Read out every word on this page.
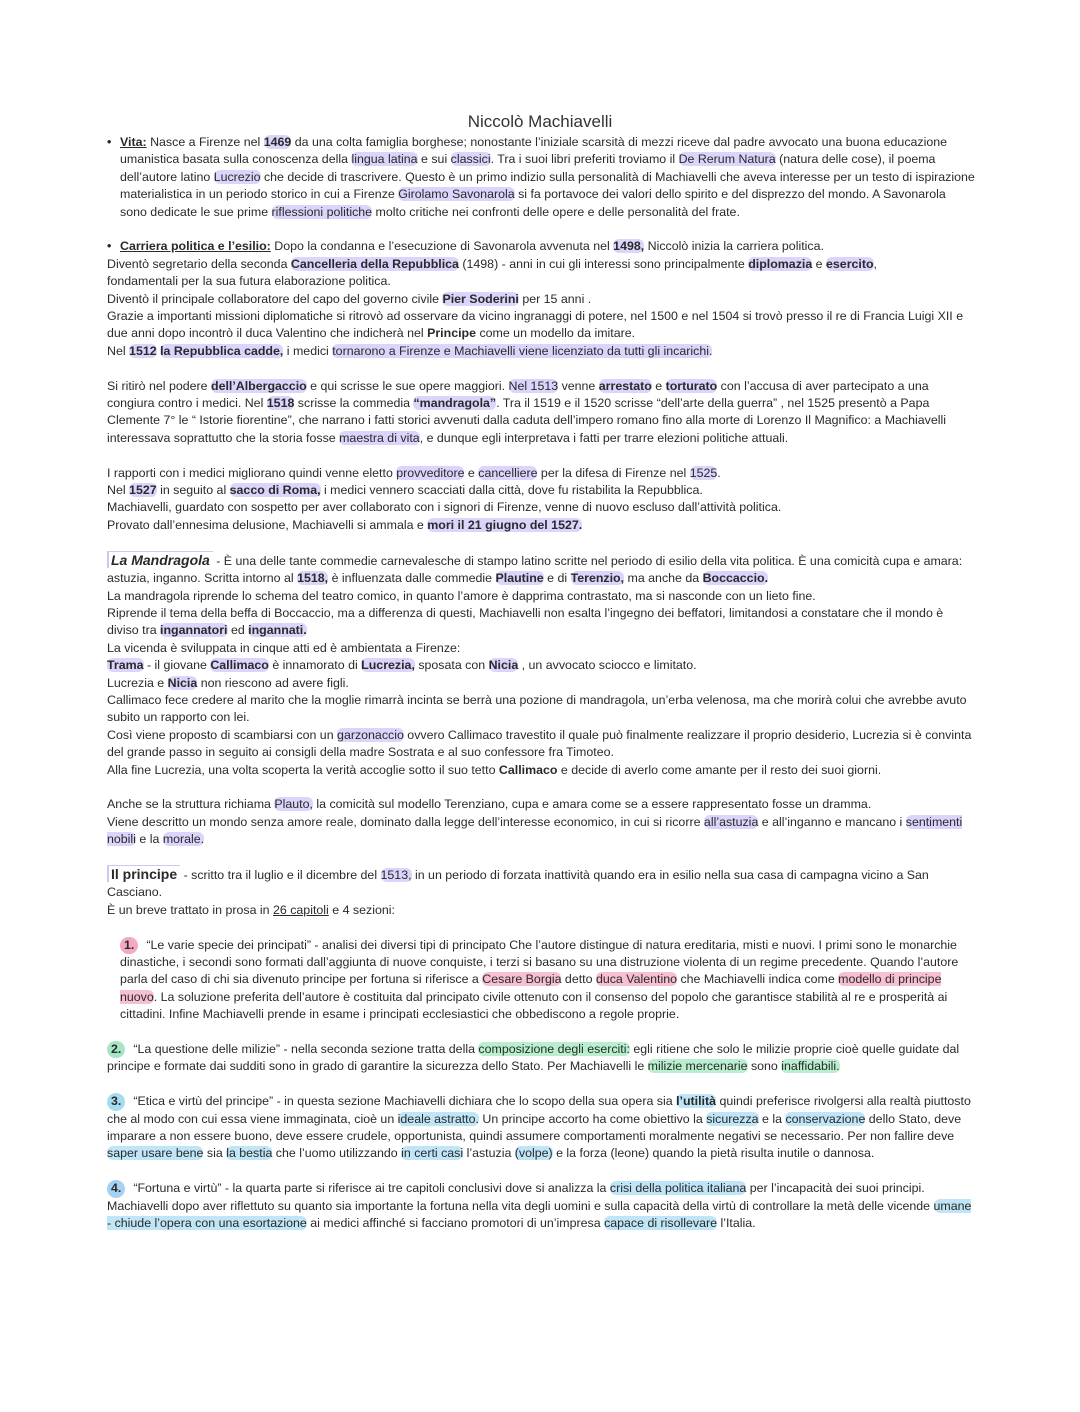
Niccolò Machiavelli

• Vita: Nasce a Firenze nel 1469 da una colta famiglia borghese; nonostante l’iniziale scarsità di mezzi riceve dal padre avvocato una buona educazione umanistica basata sulla conoscenza della lingua latina e sui classici. Tra i suoi libri preferiti troviamo il De Rerum Natura (natura delle cose), il poema dell’autore latino Lucrezio che decide di trascrivere. Questo è un primo indizio sulla personalità di Machiavelli che aveva interesse per un testo di ispirazione materialistica in un periodo storico in cui a Firenze Girolamo Savonarola si fa portavoce dei valori dello spirito e del disprezzo del mondo. A Savonarola sono dedicate le sue prime riflessioni politiche molto critiche nei confronti delle opere e delle personalità del frate.

• Carriera politica e l’esilio: Dopo la condanna e l’esecuzione di Savonarola avvenuta nel 1498, Niccolò inizia la carriera politica.

Diventò segretario della seconda Cancelleria della Repubblica (1498) - anni in cui gli interessi sono principalmente diplomazia e esercito,

fondamentali per la sua futura elaborazione politica.

Diventò il principale collaboratore del capo del governo civile Pier Soderini per 15 anni .

Grazie a importanti missioni diplomatiche si ritrovò ad osservare da vicino ingranaggi di potere, nel 1500 e nel 1504 si trovò presso il re di Francia Luigi XII e due anni dopo incontrò il duca Valentino che indicherà nel Principe come un modello da imitare.

Nel 1512 la Repubblica cadde, i medici tornarono a Firenze e Machiavelli viene licenziato da tutti gli incarichi.

Si ritirò nel podere dell’Albergaccio e qui scrisse le sue opere maggiori. Nel 1513 venne arrestato e torturato con l’accusa di aver partecipato a una congiura contro i medici. Nel 1518 scrisse la commedia “mandragola”. Tra il 1519 e il 1520 scrisse “dell’arte della guerra” , nel 1525 presentò a Papa Clemente 7° le “ Istorie fiorentine”, che narrano i fatti storici avvenuti dalla caduta dell’impero romano fino alla morte di Lorenzo Il Magnifico: a Machiavelli interessava soprattutto che la storia fosse maestra di vita, e dunque egli interpretava i fatti per trarre elezioni politiche attuali.

I rapporti con i medici migliorano quindi venne eletto provveditore e cancelliere per la difesa di Firenze nel 1525.

Nel 1527 in seguito al sacco di Roma, i medici vennero scacciati dalla città, dove fu ristabilita la Repubblica.

Machiavelli, guardato con sospetto per aver collaborato con i signori di Firenze, venne di nuovo escluso dall’attività politica.

Provato dall’ennesima delusione, Machiavelli si ammala e mori il 21 giugno del 1527.

La Mandragola - È una delle tante commedie carnevalesche di stampo latino scritte nel periodo di esilio della vita politica. È una comicità cupa e amara: astuzia, inganno. Scritta intorno al 1518, è influenzata dalle commedie Plautine e di Terenzio, ma anche da Boccaccio.

La mandragola riprende lo schema del teatro comico, in quanto l’amore è dapprima contrastato, ma si nasconde con un lieto fine.

Riprende il tema della beffa di Boccaccio, ma a differenza di questi, Machiavelli non esalta l’ingegno dei beffatori, limitandosi a constatare che il mondo è diviso tra ingannatori ed ingannati.

La vicenda è sviluppata in cinque atti ed è ambientata a Firenze:

Trama - il giovane Callimaco è innamorato di Lucrezia, sposata con Nicia , un avvocato sciocco e limitato.

Lucrezia e Nicia non riescono ad avere figli.

Callimaco fece credere al marito che la moglie rimarrà incinta se berrà una pozione di mandragola, un’erba velenosa, ma che morirà colui che avrebbe avuto subito un rapporto con lei.

Così viene proposto di scambiarsi con un garzonaccio ovvero Callimaco travestito il quale può finalmente realizzare il proprio desiderio, Lucrezia si è convinta del grande passo in seguito ai consigli della madre Sostrata e al suo confessore fra Timoteo.

Alla fine Lucrezia, una volta scoperta la verità accoglie sotto il suo tetto Callimaco e decide di averlo come amante per il resto dei suoi giorni.

Anche se la struttura richiama Plauto, la comicità sul modello Terenziano, cupa e amara come se a essere rappresentato fosse un dramma.

Viene descritto un mondo senza amore reale, dominato dalla legge dell’interesse economico, in cui si ricorre all’astuzia e all’inganno e mancano i sentimenti nobili e la morale.

Il principe - scritto tra il luglio e il dicembre del 1513, in un periodo di forzata inattività quando era in esilio nella sua casa di campagna vicino a San Casciano.

È un breve trattato in prosa in 26 capitoli e 4 sezioni:

1. “Le varie specie dei principati” - analisi dei diversi tipi di principato Che l’autore distingue di natura ereditaria, misti e nuovi. I primi sono le monarchie dinastiche, i secondi sono formati dall’aggiunta di nuove conquiste, i terzi si basano su una distruzione violenta di un regime precedente. Quando l’autore parla del caso di chi sia divenuto principe per fortuna si riferisce a Cesare Borgia detto duca Valentino che Machiavelli indica come modello di principe nuovo. La soluzione preferita dell’autore è costituita dal principato civile ottenuto con il consenso del popolo che garantisce stabilità al re e prosperità ai cittadini. Infine Machiavelli prende in esame i principati ecclesiastici che obbediscono a regole proprie.

2. “La questione delle milizie” - nella seconda sezione tratta della composizione degli eserciti: egli ritiene che solo le milizie proprie cioè quelle guidate dal principe e formate dai sudditi sono in grado di garantire la sicurezza dello Stato. Per Machiavelli le milizie mercenarie sono inaffidabili.

3. “Etica e virtù del principe” - in questa sezione Machiavelli dichiara che lo scopo della sua opera sia l’utilità quindi preferisce rivolgersi alla realtà piuttosto che al modo con cui essa viene immaginata, cioè un ideale astratto. Un principe accorto ha come obiettivo la sicurezza e la conservazione dello Stato, deve imparare a non essere buono, deve essere crudele, opportunista, quindi assumere comportamenti moralmente negativi se necessario. Per non fallire deve saper usare bene sia la bestia che l’uomo utilizzando in certi casi l’astuzia (volpe) e la forza (leone) quando la pietà risulta inutile o dannosa.

4. “Fortuna e virtù” - la quarta parte si riferisce ai tre capitoli conclusivi dove si analizza la crisi della politica italiana per l’incapacità dei suoi principi. Machiavelli dopo aver riflettuto su quanto sia importante la fortuna nella vita degli uomini e sulla capacità della virtù di controllare la metà delle vicende umane - chiude l’opera con una esortazione ai medici affinché si facciano promotori di un’impresa capace di risollevare l’Italia.
